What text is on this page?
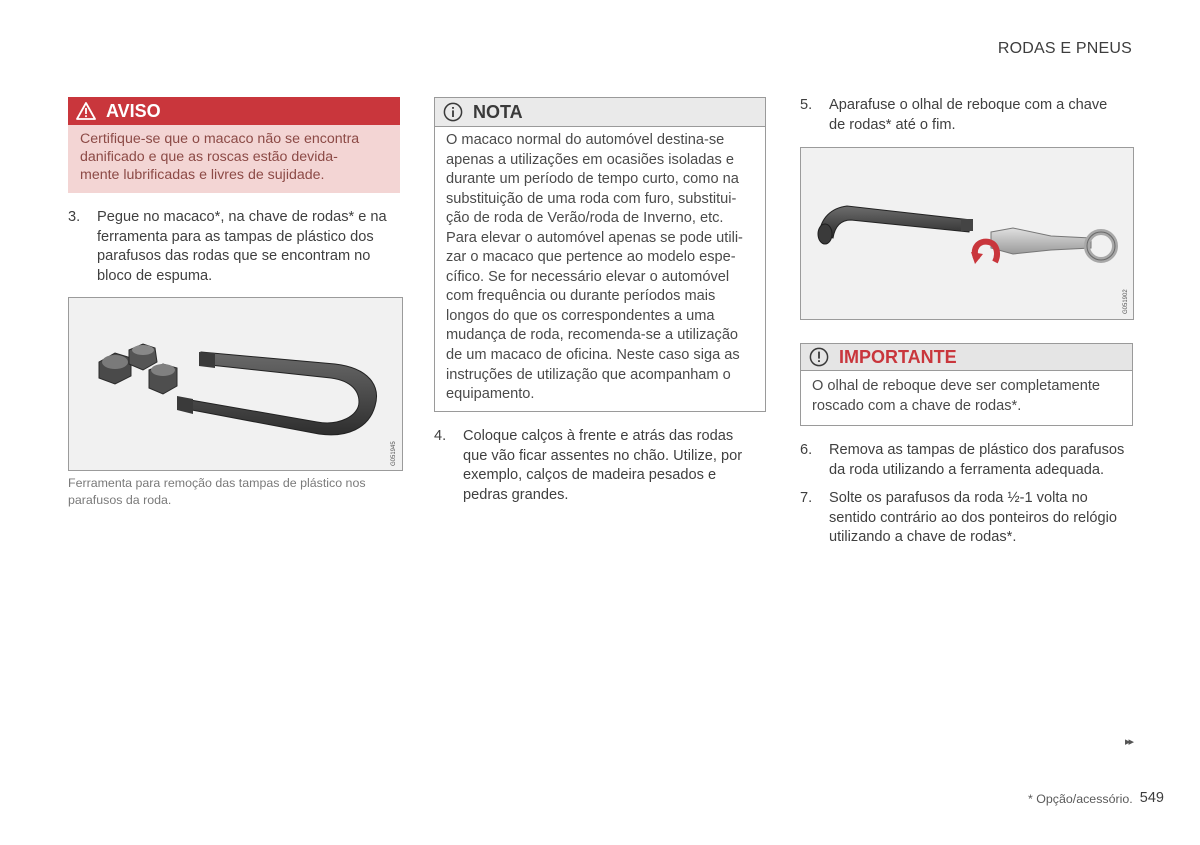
RODAS E PNEUS
AVISO
Certifique-se que o macaco não se encontra
danificado e que as roscas estão devida-
mente lubrificadas e livres de sujidade.
3. Pegue no macaco*, na chave de rodas* e na
ferramenta para as tampas de plástico dos
parafusos das rodas que se encontram no
bloco de espuma.
G051945
Ferramenta para remoção das tampas de plástico nos
parafusos da roda.
NOTA
O macaco normal do automóvel destina-se
apenas a utilizações em ocasiões isoladas e
durante um período de tempo curto, como na
substituição de uma roda com furo, substitui-
ção de roda de Verão/roda de Inverno, etc.
Para elevar o automóvel apenas se pode utili-
zar o macaco que pertence ao modelo espe-
cífico. Se for necessário elevar o automóvel
com frequência ou durante períodos mais
longos do que os correspondentes a uma
mudança de roda, recomenda-se a utilização
de um macaco de oficina. Neste caso siga as
instruções de utilização que acompanham o
equipamento.
4. Coloque calços à frente e atrás das rodas
que vão ficar assentes no chão. Utilize, por
exemplo, calços de madeira pesados e
pedras grandes.
5. Aparafuse o olhal de reboque com a chave
de rodas* até o fim.
G051902
IMPORTANTE
O olhal de reboque deve ser completamente
roscado com a chave de rodas*.
6. Remova as tampas de plástico dos parafusos
da roda utilizando a ferramenta adequada.
7. Solte os parafusos da roda ½-1 volta no
sentido contrário ao dos ponteiros do relógio
utilizando a chave de rodas*.
▸▸
* Opção/acessório. 549
